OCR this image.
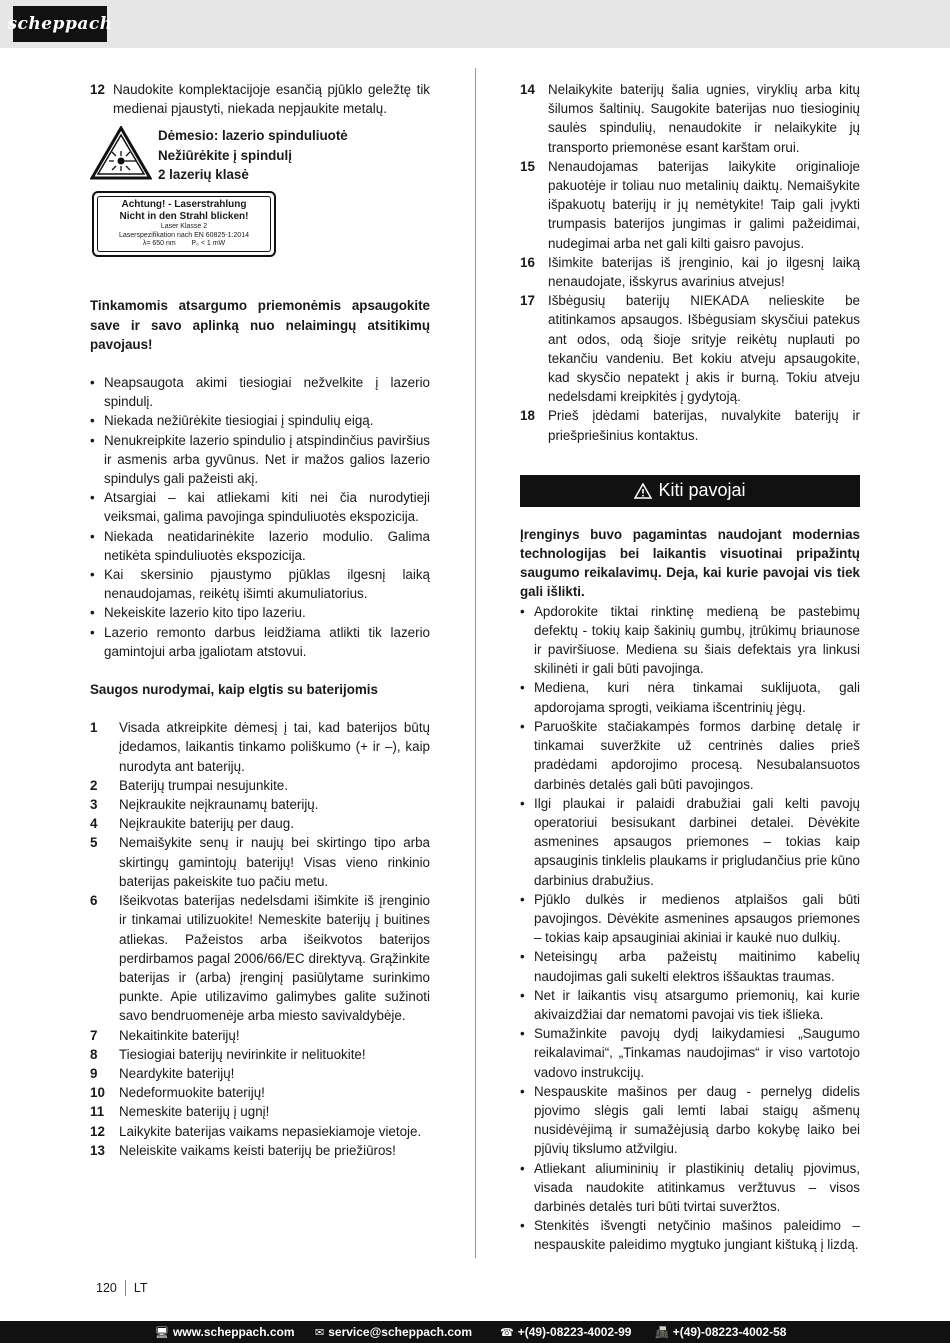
scheppach
12 Naudokite komplektacijoje esančią pjūklo geležtę tik medienai pjaustyti, niekada nepjaukite metalų.
Dėmesio: lazerio spinduliuotė
Nežiūrėkite į spindulį
2 lazerių klasė
Achtung! - Laserstrahlung
Nicht in den Strahl blicken!
Laser Klasse 2
Laserspezifikation nach EN 60825-1:2014
λ= 650 nm P₀ < 1 mW
Tinkamomis atsargumo priemonėmis apsaugokite save ir savo aplinką nuo nelaimingų atsitikimų pavojaus!
• Neapsaugota akimi tiesiogiai nežvelkite į lazerio spindulį.
• Niekada nežiūrėkite tiesiogiai į spindulių eigą.
• Nenukreipkite lazerio spindulio į atspindinčius paviršius ir asmenis arba gyvūnus. Net ir mažos galios lazerio spindulys gali pažeisti akį.
• Atsargiai – kai atliekami kiti nei čia nurodytieji veiksmai, galima pavojinga spinduliuotės ekspozicija.
• Niekada neatidarinėkite lazerio modulio. Galima netikėta spinduliuotės ekspozicija.
• Kai skersinio pjaustymo pjūklas ilgesnį laiką nenaudojamas, reikėtų išimti akumuliatorius.
• Nekeiskite lazerio kito tipo lazeriu.
• Lazerio remonto darbus leidžiama atlikti tik lazerio gamintojui arba įgaliotam atstovui.
Saugos nurodymai, kaip elgtis su baterijomis
1	Visada atkreipkite dėmesį į tai, kad baterijos būtų įdedamos, laikantis tinkamo poliškumo (+ ir –), kaip nurodyta ant baterijų.
2	Baterijų trumpai nesujunkite.
3	Neįkraukite neįkraunamų baterijų.
4	Neįkraukite baterijų per daug.
5	Nemaišykite senų ir naujų bei skirtingo tipo arba skirtingų gamintojų baterijų! Visas vieno rinkinio baterijas pakeiskite tuo pačiu metu.
6	Išeikvotas baterijas nedelsdami išimkite iš įrenginio ir tinkamai utilizuokite! Nemeskite baterijų į buitines atliekas. Pažeistos arba išeikvotos baterijos perdirbamos pagal 2006/66/EC direktyvą. Grąžinkite baterijas ir (arba) įrenginį pasiūlytame surinkimo punkte. Apie utilizavimo galimybes galite sužinoti savo bendruomenėje arba miesto savivaldybėje.
7	Nekaitinkite baterijų!
8	Tiesiogiai baterijų nevirinkite ir nelituokite!
9	Neardykite baterijų!
10	Nedeformuokite baterijų!
11	Nemeskite baterijų į ugnį!
12	Laikykite baterijas vaikams nepasiekiamoje vietoje.
13	Neleiskite vaikams keisti baterijų be priežiūros!
14 Nelaikykite baterijų šalia ugnies, viryklių arba kitų šilumos šaltinių. Saugokite baterijas nuo tiesioginių saulės spindulių, nenaudokite ir nelaikykite jų transporto priemonėse esant karštam orui.
15 Nenaudojamas baterijas laikykite originalioje pakuotėje ir toliau nuo metalinių daiktų. Nemaišykite išpakuotų baterijų ir jų nemėtykite! Taip gali įvykti trumpasis baterijos jungimas ir galimi pažeidimai, nudegimai arba net gali kilti gaisro pavojus.
16 Išimkite baterijas iš įrenginio, kai jo ilgesnį laiką nenaudojate, išskyrus avarinius atvejus!
17 Išbėgusių baterijų NIEKADA nelieskite be atitinkamos apsaugos. Išbėgusiam skysčiui patekus ant odos, odą šioje srityje reikėtų nuplauti po tekančiu vandeniu. Bet kokiu atveju apsaugokite, kad skysčio nepatekt į akis ir burną. Tokiu atveju nedelsdami kreipkitės į gydytoją.
18 Prieš įdėdami baterijas, nuvalykite baterijų ir priešpriešinius kontaktus.
Kiti pavojai
Įrenginys buvo pagamintas naudojant modernias technologijas bei laikantis visuotinai pripažintų saugumo reikalavimų. Deja, kai kurie pavojai vis tiek gali išlikti.
• Apdorokite tiktai rinktinę medieną be pastebimų defektų - tokių kaip šakinių gumbų, įtrūkimų briaunose ir paviršiuose. Mediena su šiais defektais yra linkusi skilinėti ir gali būti pavojinga.
• Mediena, kuri nėra tinkamai suklijuota, gali apdorojama sprogti, veikiama išcentrinių jėgų.
• Paruoškite stačiakampės formos darbinę detalę ir tinkamai suveržkite už centrinės dalies prieš pradėdami apdorojimo procesą. Nesubalansuotos darbinės detalės gali būti pavojingos.
• Ilgi plaukai ir palaidi drabužiai gali kelti pavojų operatoriui besisukant darbinei detalei. Dėvėkite asmenines apsaugos priemones – tokias kaip apsauginis tinklelis plaukams ir prigludančius prie kūno darbinius drabužius.
• Pjūklo dulkės ir medienos atplaišos gali būti pavojingos. Dėvėkite asmenines apsaugos priemones – tokias kaip apsauginiai akiniai ir kaukė nuo dulkių.
• Neteisingų arba pažeistų maitinimo kabelių naudojimas gali sukelti elektros iššauktas traumas.
• Net ir laikantis visų atsargumo priemonių, kai kurie akivaizdžiai dar nematomi pavojai vis tiek išlieka.
• Sumažinkite pavojų dydį laikydamiesi „Saugumo reikalavimai“, „Tinkamas naudojimas“ ir viso vartotojo vadovo instrukcijų.
• Nespauskite mašinos per daug - pernelyg didelis pjovimo slėgis gali lemti labai staigų ašmenų nusidėvėjimą ir sumažėjusią darbo kokybę laiko bei pjūvių tikslumo atžvilgiu.
• Atliekant aliumininių ir plastikinių detalių pjovimus, visada naudokite atitinkamus veržtuvus – visos darbinės detalės turi būti tvirtai suveržtos.
• Stenkitės išvengti netyčinio mašinos paleidimo – nespauskite paleidimo mygtuko jungiant kištuką į lizdą.
120 LT
🖥 www.scheppach.com ✉ service@scheppach.com	☎ +(49)-08223-4002-99 📠 +(49)-08223-4002-58
